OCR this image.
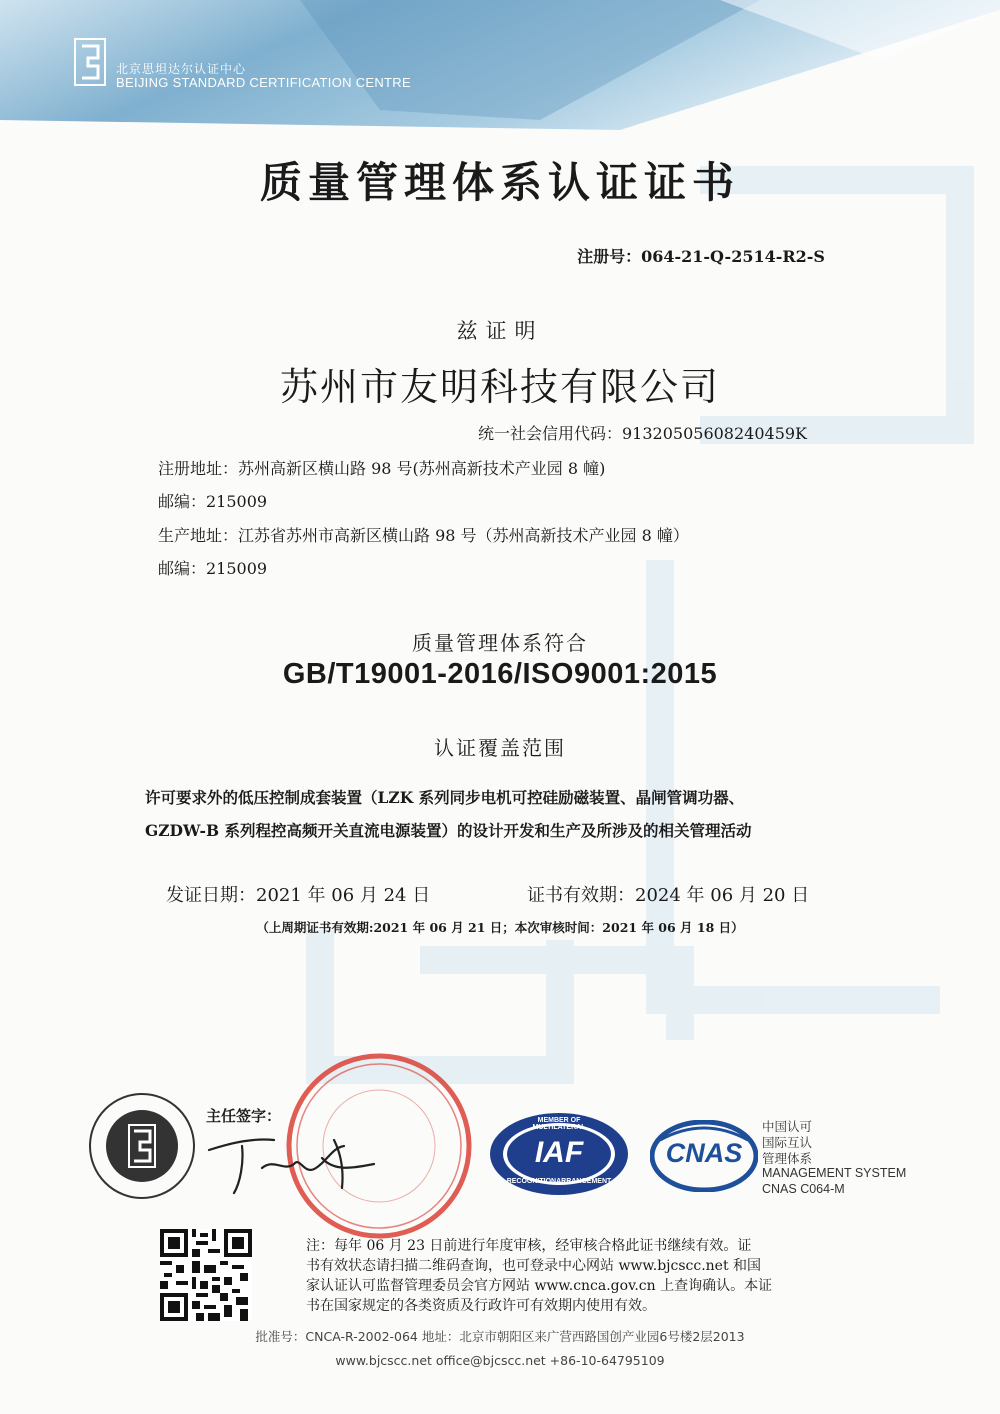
北京思坦达尔认证中心
BEIJING STANDARD CERTIFICATION CENTRE
质量管理体系认证证书
注册号：064-21-Q-2514-R2-S
兹证明
苏州市友明科技有限公司
统一社会信用代码：91320505608240459K
注册地址：苏州高新区横山路 98 号(苏州高新技术产业园 8 幢)
邮编：215009
生产地址：江苏省苏州市高新区横山路 98 号（苏州高新技术产业园 8 幢）
邮编：215009
质量管理体系符合
GB/T19001-2016/ISO9001:2015
认证覆盖范围
许可要求外的低压控制成套装置（LZK 系列同步电机可控硅励磁装置、晶闸管调功器、
GZDW-B 系列程控高频开关直流电源装置）的设计开发和生产及所涉及的相关管理活动
发证日期：2021 年 06 月 24 日	证书有效期：2024 年 06 月 20 日
（上周期证书有效期:2021 年 06 月 21 日；本次审核时间：2021 年 06 月 18 日）
主任签字：	MEMBER OF MULTILATERAL
IAF
RECOGNITIONARRANGEMENT
CNAS
中国认可
国际互认
管理体系
MANAGEMENT SYSTEM
CNAS C064-M
注：每年 06 月 23 日前进行年度审核，经审核合格此证书继续有效。证
书有效状态请扫描二维码查询，也可登录中心网站 www.bjcscc.net 和国
家认证认可监督管理委员会官方网站 www.cnca.gov.cn 上查询确认。本证
书在国家规定的各类资质及行政许可有效期内使用有效。
批准号：CNCA-R-2002-064 地址：北京市朝阳区来广营西路国创产业园6号楼2层2013
www.bjcscc.net office@bjcscc.net +86-10-64795109
